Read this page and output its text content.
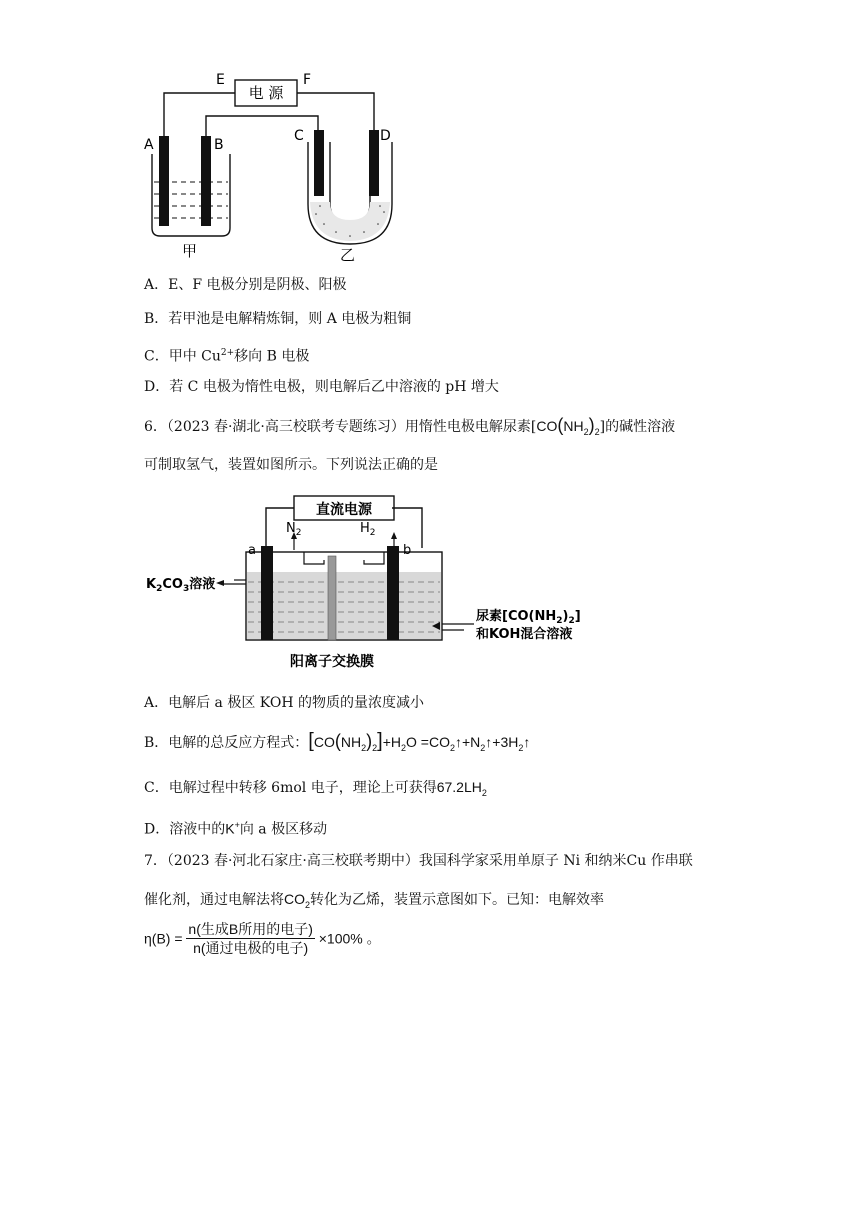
电 源
E	F
A	B
甲
C	D
乙
A．E、F 电极分别是阴极、阳极
B．若甲池是电解精炼铜，则 A 电极为粗铜
C．甲中 $Cu^{2+}$移向 B 电极
D．若 C 电极为惰性电极，则电解后乙中溶液的 pH 增大
6．（2023 春·湖北·高三校联考专题练习）用惰性电极电解尿素$[CO(NH_2)_2]$的碱性溶液
可制取氢气，装置如图所示。下列说法正确的是
直流电源
$N_2$	$H_2$
a	b
$K_2CO_3$溶液
尿素$[CO(NH_2)_2]$
和KOH混合溶液
阳离子交换膜
A．电解后 a 极区 KOH 的物质的量浓度减小
B．电解的总反应方程式：$[CO(NH_2)_2]+H_2O$ $=CO_2↑+N_2↑+3H_2↑$
C．电解过程中转移 6mol 电子，理论上可获得$67.2LH_2$
D．溶液中的K+向 a 极区移动
7．（2023 春·河北石家庄·高三校联考期中）我国科学家采用单原子 Ni 和纳米Cu 作串联
催化剂，通过电解法将$CO_2$转化为乙烯，装置示意图如下。已知：电解效率
$\eta(B) = \frac{\text{n(生成B所用的电子)}}{\text{n(通过电极的电子)}} \times 100\%$ 。
